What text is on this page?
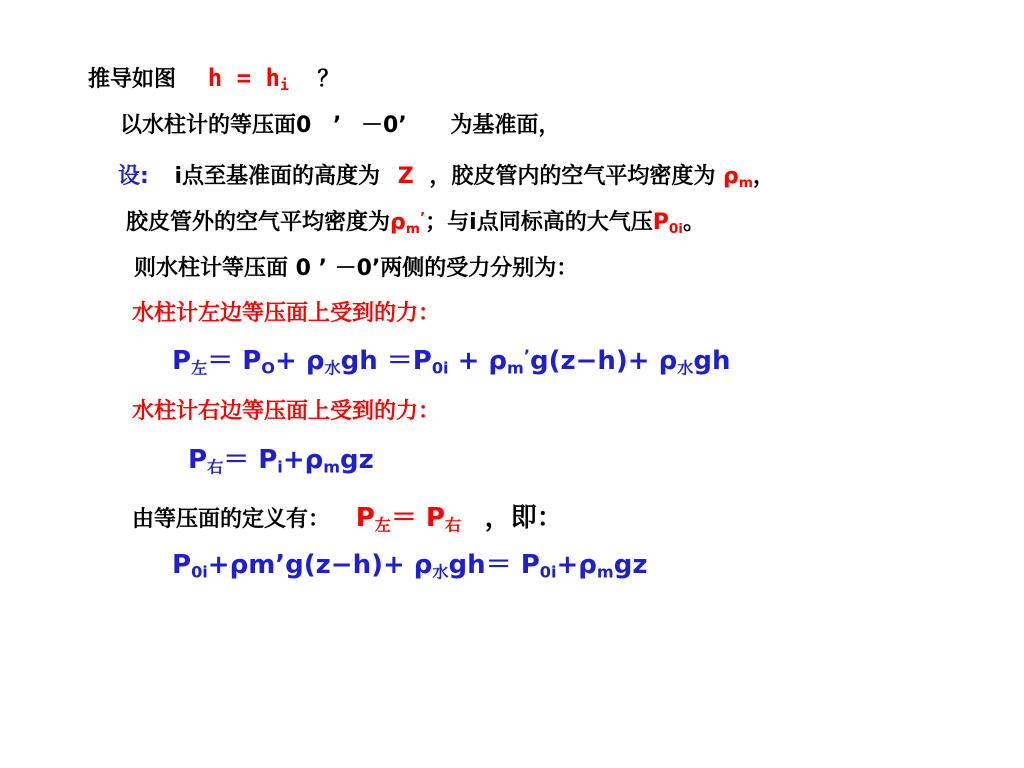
推导如图 $h = h_i$ ？
以水柱计的等压面0 ’ －0’ 为基准面，
设: i点至基准面的高度为 Z ，胶皮管内的空气平均密度为 $\rho_m$，
胶皮管外的空气平均密度为$\rho_m^’$；与i点同标高的大气压$P_{0i}$。
则水柱计等压面 0 ’ －0’两侧的受力分别为：
水柱计左边等压面上受到的力：
$P_左= P_O+ \rho_水gh =P_{0i} + \rho_m^’g(z-h)+ \rho_水gh$
水柱计右边等压面上受到的力：
$P_右= P_i+\rho_mgz$
由等压面的定义有： $P_左= P_右$ ，即：
$P_{0i}+\rho m’g(z-h)+ \rho_水gh= P_{0i}+\rho_mgz$
